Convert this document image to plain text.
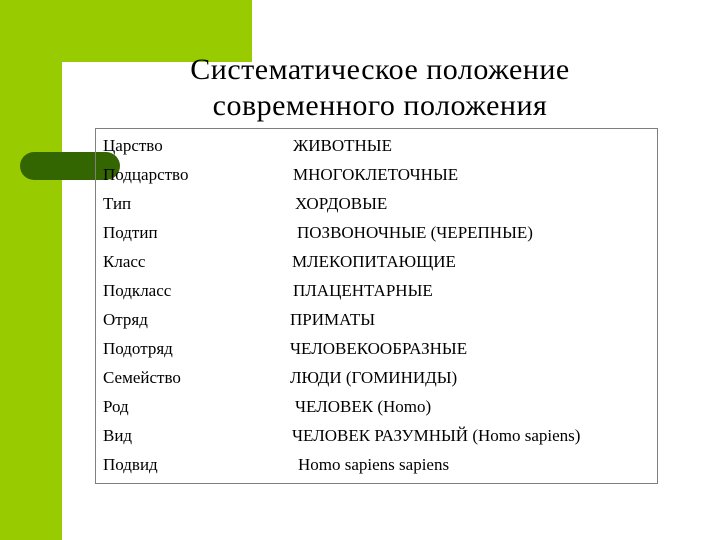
Систематическое положение
современного положения
Царство	ЖИВОТНЫЕ
Подцарство	МНОГОКЛЕТОЧНЫЕ
Тип	ХОРДОВЫЕ
Подтип	ПОЗВОНОЧНЫЕ (ЧЕРЕПНЫЕ)
Класс	МЛЕКОПИТАЮЩИЕ
Подкласс	ПЛАЦЕНТАРНЫЕ
Отряд	ПРИМАТЫ
Подотряд	ЧЕЛОВЕКООБРАЗНЫЕ
Семейство	ЛЮДИ (ГОМИНИДЫ)
Род	ЧЕЛОВЕК (Homo)
Вид	ЧЕЛОВЕК РАЗУМНЫЙ (Homo sapiens)
Подвид	Homo sapiens sapiens
